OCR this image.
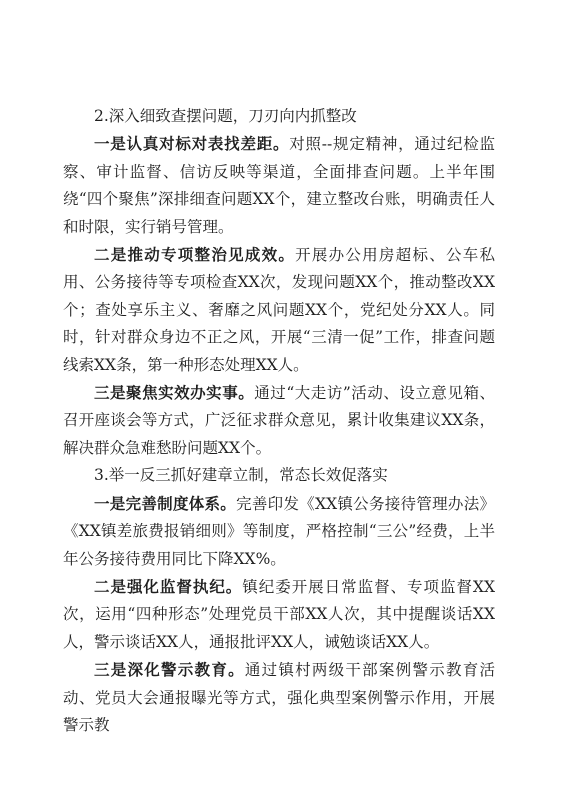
2.深入细致查摆问题，刀刃向内抓整改

一是认真对标对表找差距。对照--规定精神，通过纪检监察、审计监督、信访反映等渠道，全面排查问题。上半年围绕“四个聚焦”深排细查问题XX个，建立整改台账，明确责任人和时限，实行销号管理。

二是推动专项整治见成效。开展办公用房超标、公车私用、公务接待等专项检查XX次，发现问题XX个，推动整改XX个；查处享乐主义、奢靡之风问题XX个，党纪处分XX人。同时，针对群众身边不正之风，开展“三清一促”工作，排查问题线索XX条，第一种形态处理XX人。

三是聚焦实效办实事。通过“大走访”活动、设立意见箱、召开座谈会等方式，广泛征求群众意见，累计收集建议XX条，解决群众急难愁盼问题XX个。

3.举一反三抓好建章立制，常态长效促落实

一是完善制度体系。完善印发《XX镇公务接待管理办法》《XX镇差旅费报销细则》等制度，严格控制“三公”经费，上半年公务接待费用同比下降XX%。

二是强化监督执纪。镇纪委开展日常监督、专项监督XX次，运用“四种形态”处理党员干部XX人次，其中提醒谈话XX人，警示谈话XX人，通报批评XX人，诫勉谈话XX人。

三是深化警示教育。通过镇村两级干部案例警示教育活动、党员大会通报曝光等方式，强化典型案例警示作用，开展警示教
